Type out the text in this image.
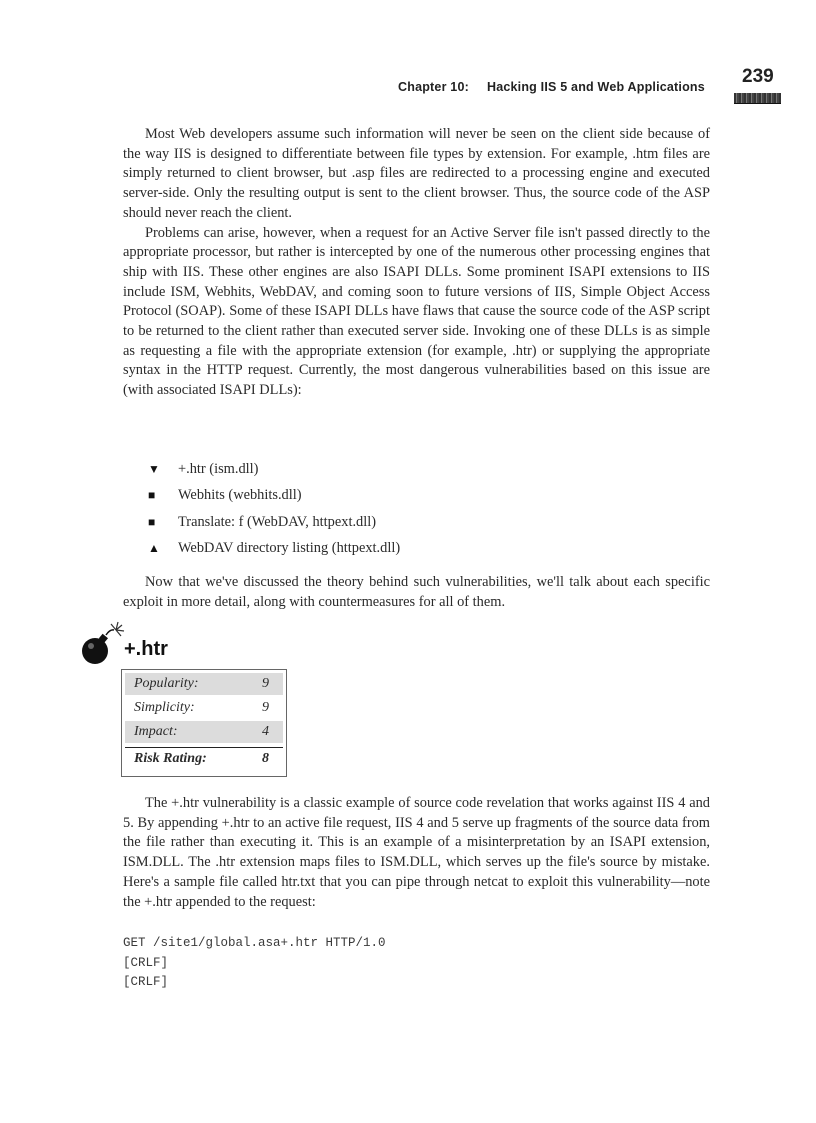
Chapter 10: Hacking IIS 5 and Web Applications 239

Most Web developers assume such information will never be seen on the client side because of the way IIS is designed to differentiate between file types by extension. For example, .htm files are simply returned to client browser, but .asp files are redirected to a processing engine and executed server-side. Only the resulting output is sent to the client browser. Thus, the source code of the ASP should never reach the client.

Problems can arise, however, when a request for an Active Server file isn't passed directly to the appropriate processor, but rather is intercepted by one of the numerous other processing engines that ship with IIS. These other engines are also ISAPI DLLs. Some prominent ISAPI extensions to IIS include ISM, Webhits, WebDAV, and coming soon to future versions of IIS, Simple Object Access Protocol (SOAP). Some of these ISAPI DLLs have flaws that cause the source code of the ASP script to be returned to the client rather than executed server side. Invoking one of these DLLs is as simple as requesting a file with the appropriate extension (for example, .htr) or supplying the appropriate syntax in the HTTP request. Currently, the most dangerous vulnerabilities based on this issue are (with associated ISAPI DLLs):

▼	+.htr (ism.dll)
■	Webhits (webhits.dll)
■	Translate: f (WebDAV, httpext.dll)
▲	WebDAV directory listing (httpext.dll)

Now that we've discussed the theory behind such vulnerabilities, we'll talk about each specific exploit in more detail, along with countermeasures for all of them.

+.htr
Popularity:	9
Simplicity:	9
Impact:	4
Risk Rating:	8

The +.htr vulnerability is a classic example of source code revelation that works against IIS 4 and 5. By appending +.htr to an active file request, IIS 4 and 5 serve up fragments of the source data from the file rather than executing it. This is an example of a misinterpretation by an ISAPI extension, ISM.DLL. The .htr extension maps files to ISM.DLL, which serves up the file's source by mistake. Here's a sample file called htr.txt that you can pipe through netcat to exploit this vulnerability—note the +.htr appended to the request:

GET /site1/global.asa+.htr HTTP/1.0
[CRLF]
[CRLF]
